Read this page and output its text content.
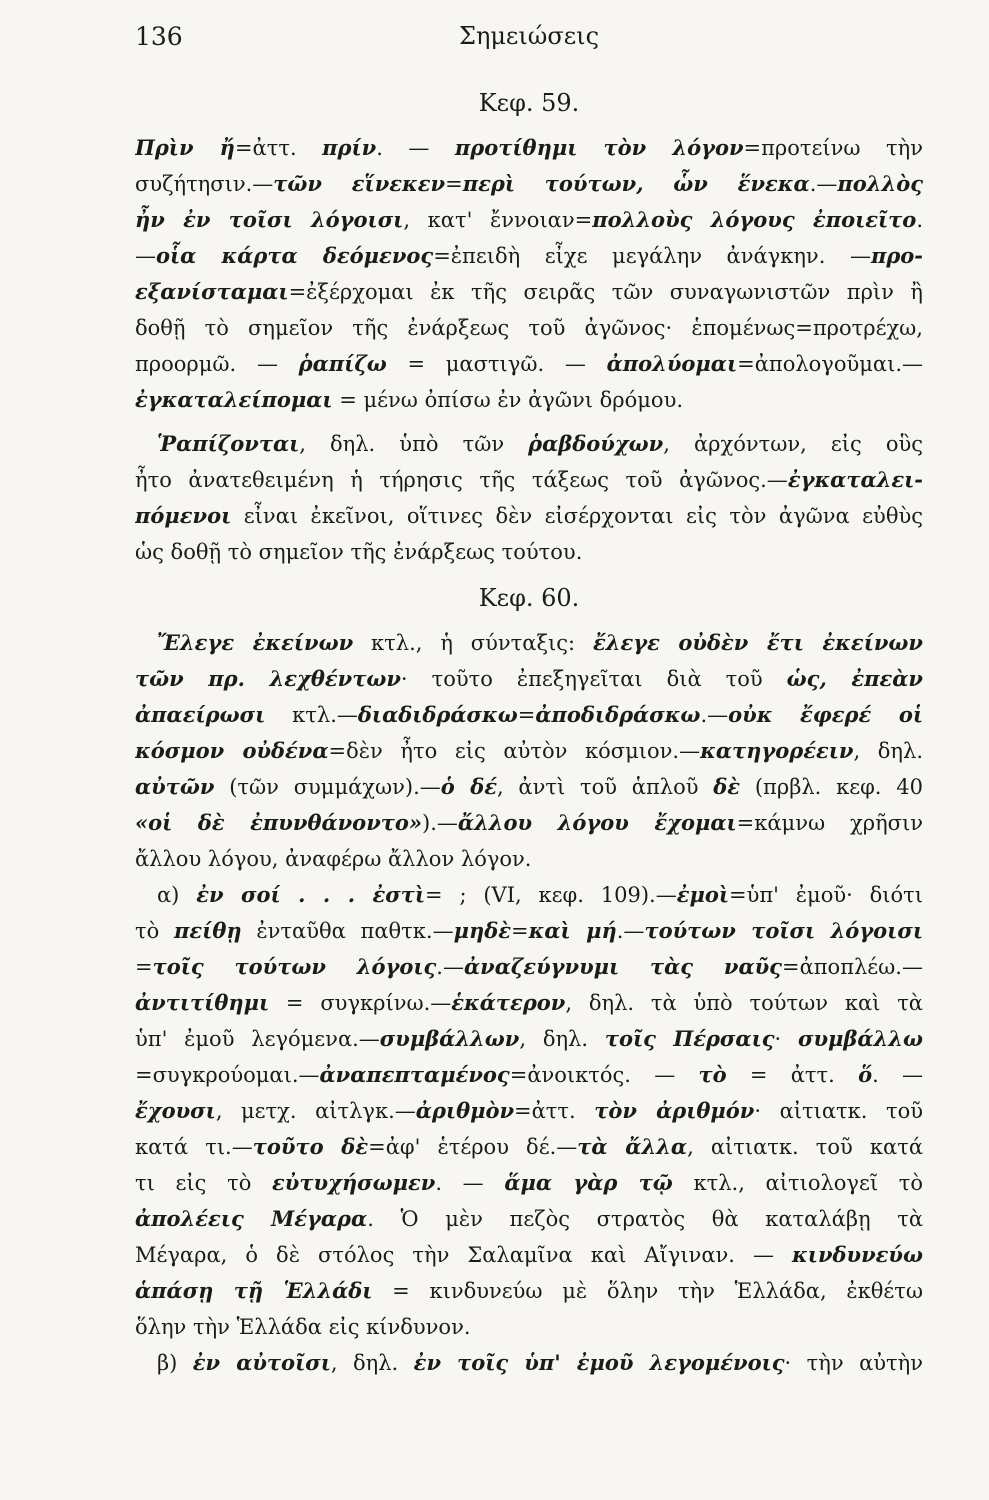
136	Σημειώσεις
Κεφ. 59.
Πρὶν ἤ=ἀττ. πρίν. — προτίθημι τὸν λόγον=προτείνω τὴν
συζήτησιν.—τῶν εἵνεκεν=περὶ τούτων, ὧν ἕνεκα.—πολλὸς
ἦν ἐν τοῖσι λόγοισι, κατ' ἔννοιαν=πολλοὺς λόγους ἐποιεῖτο.
—οἷα κάρτα δεόμενος=ἐπειδὴ εἶχε μεγάλην ἀνάγκην. —προ-
εξανίσταμαι=ἐξέρχομαι ἐκ τῆς σειρᾶς τῶν συναγωνιστῶν πρὶν ἢ
δοθῇ τὸ σημεῖον τῆς ἐνάρξεως τοῦ ἀγῶνος· ἑπομένως=προτρέχω,
προορμῶ. — ῥαπίζω = μαστιγῶ. — ἀπολύομαι=ἀπολογοῦμαι.—
ἐγκαταλείπομαι = μένω ὀπίσω ἐν ἀγῶνι δρόμου.
Ῥαπίζονται, δηλ. ὑπὸ τῶν ῥαβδούχων, ἀρχόντων, εἰς οὓς
ἦτο ἀνατεθειμένη ἡ τήρησις τῆς τάξεως τοῦ ἀγῶνος.—ἐγκαταλει-
πόμενοι εἶναι ἐκεῖνοι, οἵτινες δὲν εἰσέρχονται εἰς τὸν ἀγῶνα εὐθὺς
ὡς δοθῇ τὸ σημεῖον τῆς ἐνάρξεως τούτου.
Κεφ. 60.
Ἔλεγε ἐκείνων κτλ., ἡ σύνταξις: ἔλεγε οὐδὲν ἔτι ἐκείνων
τῶν πρ. λεχθέντων· τοῦτο ἐπεξηγεῖται διὰ τοῦ ὡς, ἐπεὰν
ἀπαείρωσι κτλ.—διαδιδράσκω=ἀποδιδράσκω.—οὐκ ἔφερέ οἱ
κόσμον οὐδένα=δὲν ἦτο εἰς αὐτὸν κόσμιον.—κατηγορέειν, δηλ.
αὐτῶν (τῶν συμμάχων).—ὁ δέ, ἀντὶ τοῦ ἁπλοῦ δὲ (πρβλ. κεφ. 40
«οἱ δὲ ἐπυνθάνοντο»).—ἄλλου λόγου ἔχομαι=κάμνω χρῆσιν
ἄλλου λόγου, ἀναφέρω ἄλλον λόγον.
α) ἐν σοί . . . ἐστὶ= ; (VI, κεφ. 109).—ἐμοὶ=ὑπ' ἐμοῦ· διότι
τὸ πείθῃ ἐνταῦθα παθτκ.—μηδὲ=καὶ μή.—τούτων τοῖσι λόγοισι
=τοῖς τούτων λόγοις.—ἀναζεύγνυμι τὰς ναῦς=ἀποπλέω.—
ἀντιτίθημι = συγκρίνω.—ἑκάτερον, δηλ. τὰ ὑπὸ τούτων καὶ τὰ
ὑπ' ἐμοῦ λεγόμενα.—συμβάλλων, δηλ. τοῖς Πέρσαις· συμβάλλω
=συγκρούομαι.—ἀναπεπταμένος=ἀνοικτός. — τὸ = ἀττ. ὅ. —
ἔχουσι, μετχ. αἰτλγκ.—ἀριθμὸν=ἀττ. τὸν ἀριθμόν· αἰτιατκ. τοῦ
κατά τι.—τοῦτο δὲ=ἀφ' ἑτέρου δέ.—τὰ ἄλλα, αἰτιατκ. τοῦ κατά
τι εἰς τὸ εὐτυχήσωμεν. — ἅμα γὰρ τῷ κτλ., αἰτιολογεῖ τὸ
ἀπολέεις Μέγαρα. Ὁ μὲν πεζὸς στρατὸς θὰ καταλάβῃ τὰ
Μέγαρα, ὁ δὲ στόλος τὴν Σαλαμῖνα καὶ Αἴγιναν. — κινδυνεύω
ἁπάσῃ τῇ Ἑλλάδι = κινδυνεύω μὲ ὅλην τὴν Ἑλλάδα, ἐκθέτω
ὅλην τὴν Ἑλλάδα εἰς κίνδυνον.
β) ἐν αὐτοῖσι, δηλ. ἐν τοῖς ὑπ' ἐμοῦ λεγομένοις· τὴν αὐτὴν
